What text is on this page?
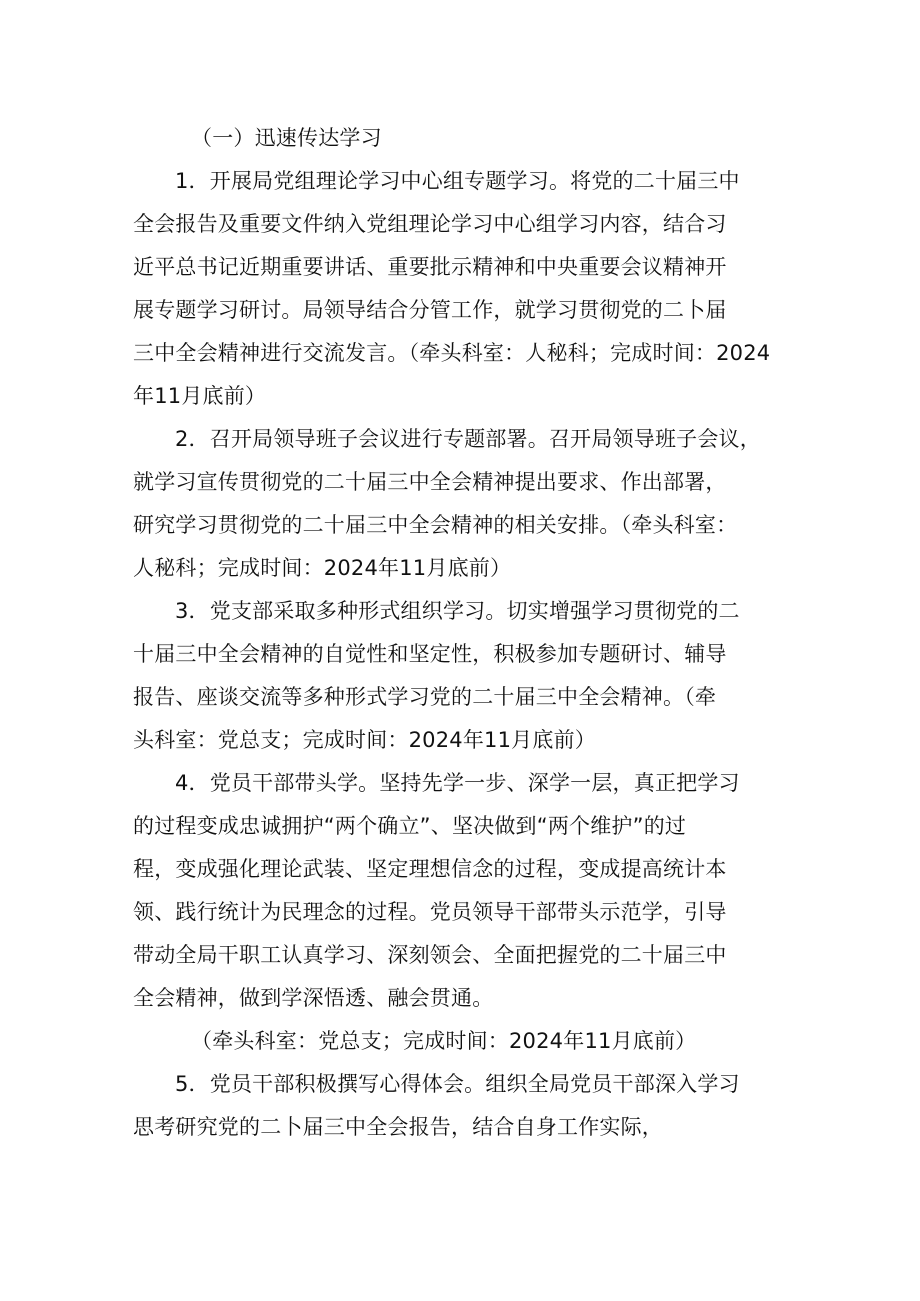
（一）迅速传达学习
1．开展局党组理论学习中心组专题学习。将党的二十届三中
全会报告及重要文件纳入党组理论学习中心组学习内容，结合习
近平总书记近期重要讲话、重要批示精神和中央重要会议精神开
展专题学习研讨。局领导结合分管工作，就学习贯彻党的二卜届
三中全会精神进行交流发言。（牵头科室：人秘科；完成时间：2024
年11月底前）
2．召开局领导班子会议进行专题部署。召开局领导班子会议，
就学习宣传贯彻党的二十届三中全会精神提出要求、作出部署，
研究学习贯彻党的二十届三中全会精神的相关安排。（牵头科室：
人秘科；完成时间：2024年11月底前）
3．党支部采取多种形式组织学习。切实增强学习贯彻党的二
十届三中全会精神的自觉性和坚定性，积极参加专题研讨、辅导
报告、座谈交流等多种形式学习党的二十届三中全会精神。（牵
头科室：党总支；完成时间：2024年11月底前）
4．党员干部带头学。坚持先学一步、深学一层，真正把学习
的过程变成忠诚拥护“两个确立”、坚决做到“两个维护”的过
程，变成强化理论武装、坚定理想信念的过程，变成提高统计本
领、践行统计为民理念的过程。党员领导干部带头示范学，引导
带动全局干职工认真学习、深刻领会、全面把握党的二十届三中
全会精神，做到学深悟透、融会贯通。
（牵头科室：党总支；完成时间：2024年11月底前）
5．党员干部积极撰写心得体会。组织全局党员干部深入学习
思考研究党的二卜届三中全会报告，结合自身工作实际，
